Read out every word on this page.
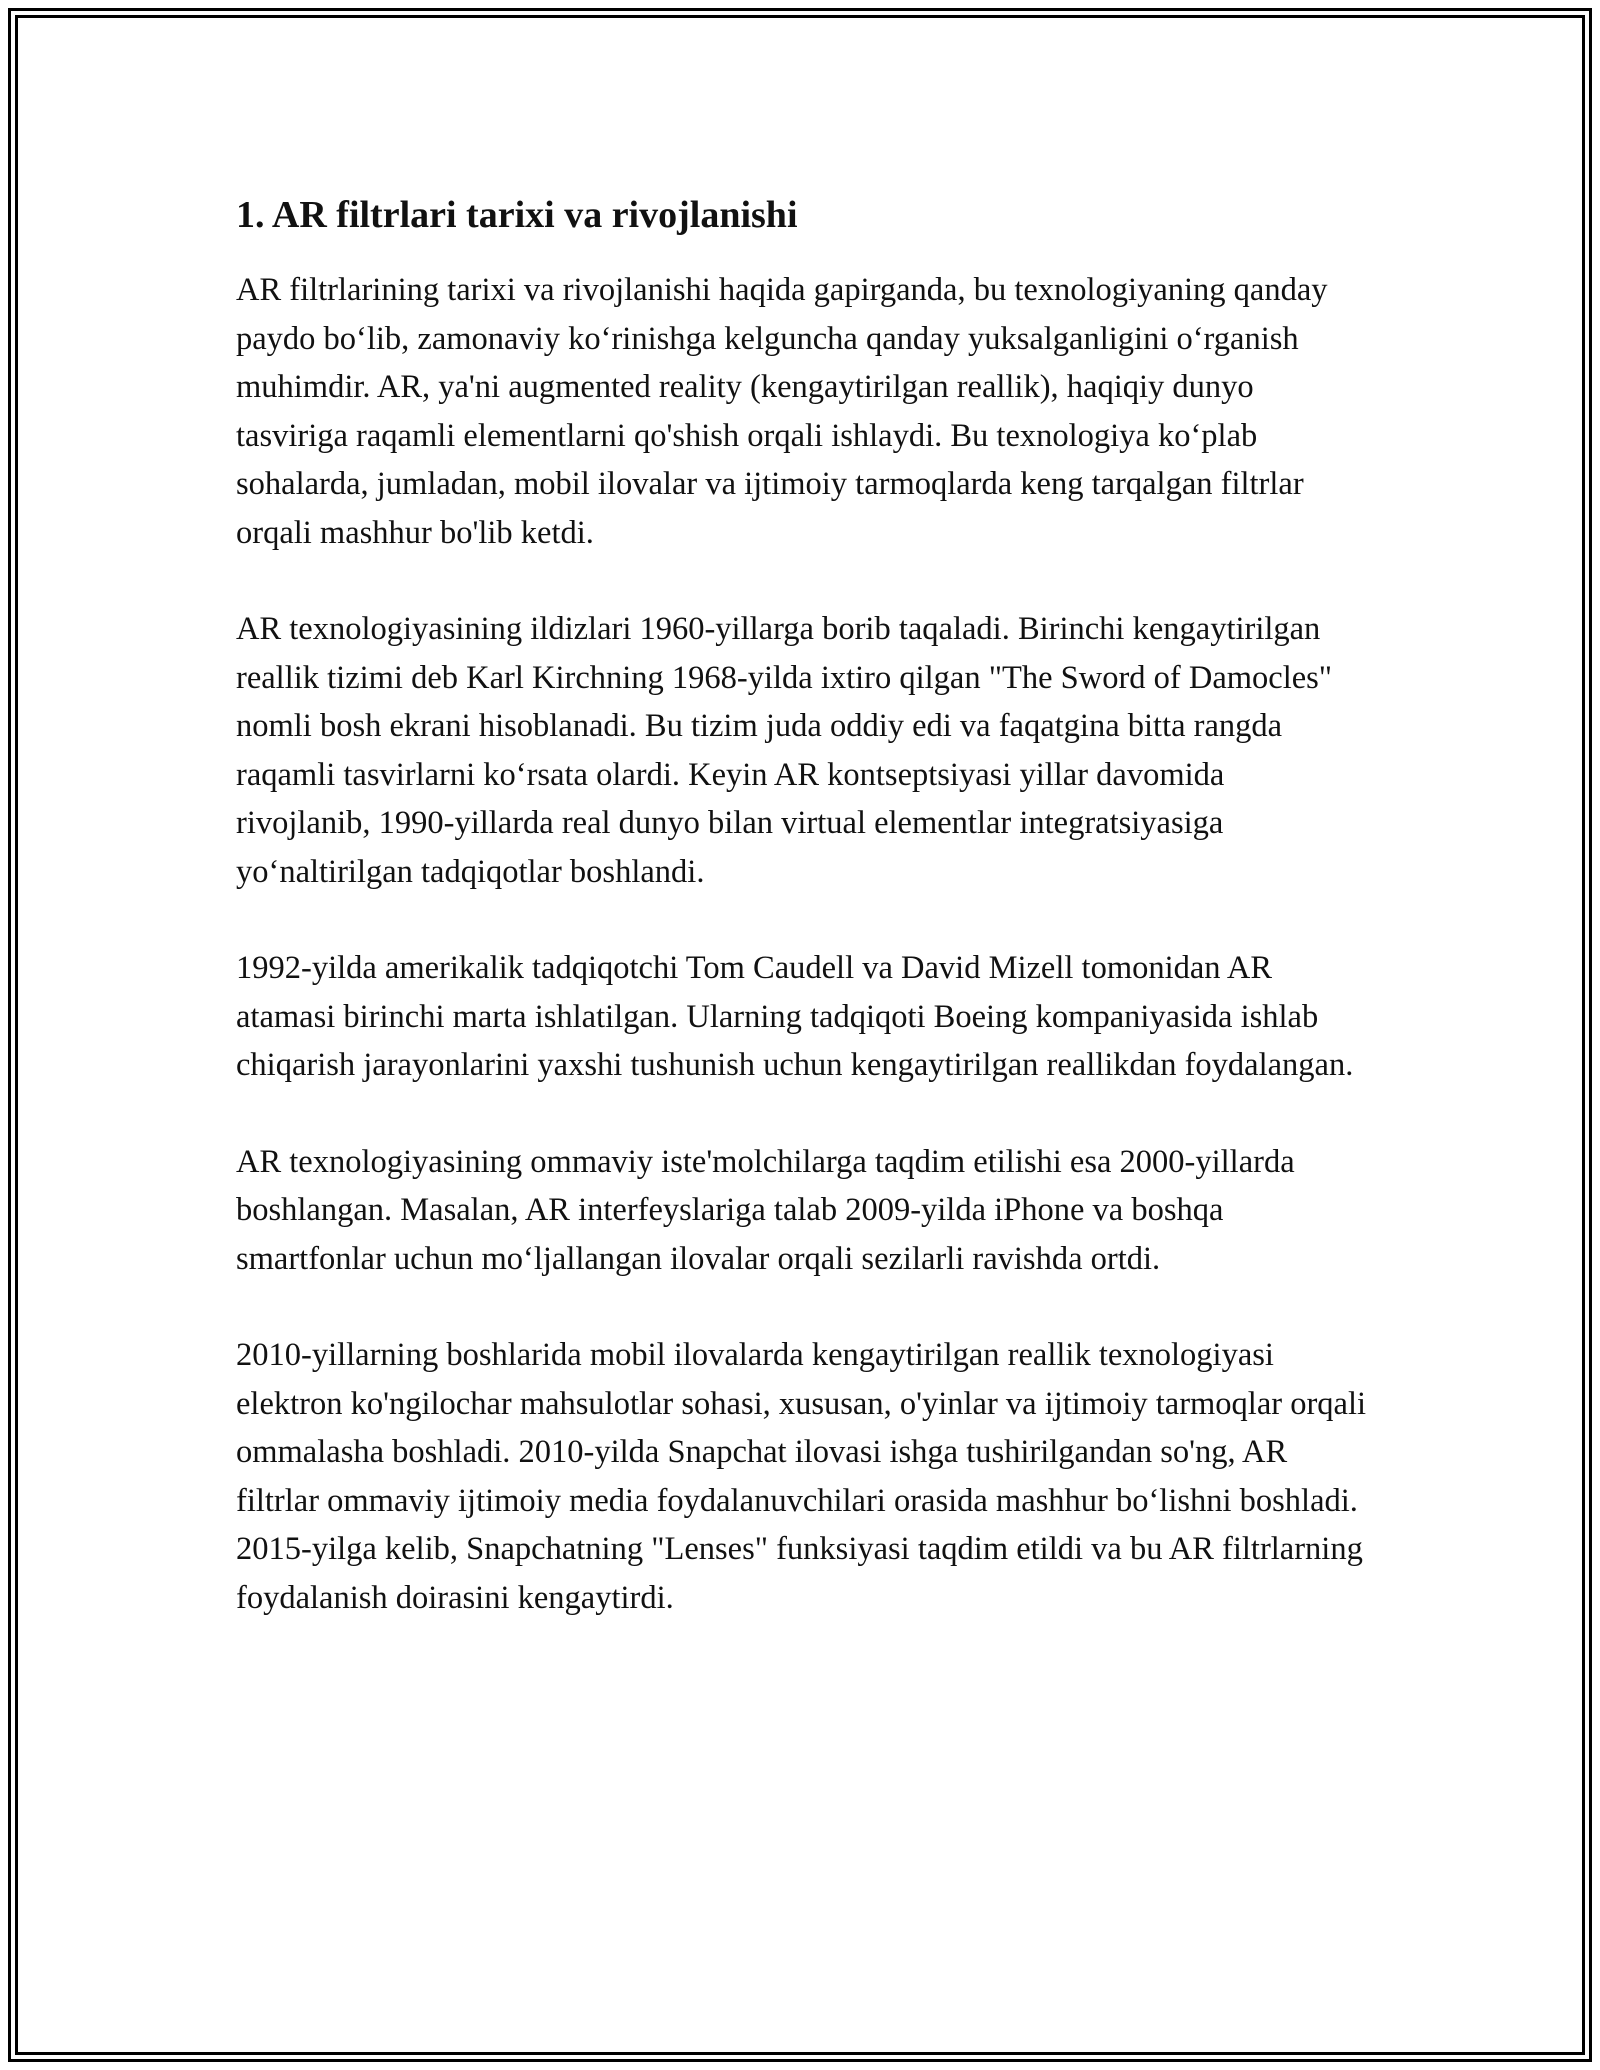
1. AR filtrlari tarixi va rivojlanishi

AR filtrlarining tarixi va rivojlanishi haqida gapirganda, bu texnologiyaning qanday paydo bo‘lib, zamonaviy ko‘rinishga kelguncha qanday yuksalganligini o‘rganish muhimdir. AR, ya'ni augmented reality (kengaytirilgan reallik), haqiqiy dunyo tasviriga raqamli elementlarni qo'shish orqali ishlaydi. Bu texnologiya ko‘plab sohalarda, jumladan, mobil ilovalar va ijtimoiy tarmoqlarda keng tarqalgan filtrlar orqali mashhur bo'lib ketdi.

AR texnologiyasining ildizlari 1960-yillarga borib taqaladi. Birinchi kengaytirilgan reallik tizimi deb Karl Kirchning 1968-yilda ixtiro qilgan "The Sword of Damocles" nomli bosh ekrani hisoblanadi. Bu tizim juda oddiy edi va faqatgina bitta rangda raqamli tasvirlarni ko‘rsata olardi. Keyin AR kontseptsiyasi yillar davomida rivojlanib, 1990-yillarda real dunyo bilan virtual elementlar integratsiyasiga yo‘naltirilgan tadqiqotlar boshlandi.

1992-yilda amerikalik tadqiqotchi Tom Caudell va David Mizell tomonidan AR atamasi birinchi marta ishlatilgan. Ularning tadqiqoti Boeing kompaniyasida ishlab chiqarish jarayonlarini yaxshi tushunish uchun kengaytirilgan reallikdan foydalangan.

AR texnologiyasining ommaviy iste'molchilarga taqdim etilishi esa 2000-yillarda boshlangan. Masalan, AR interfeyslariga talab 2009-yilda iPhone va boshqa smartfonlar uchun mo‘ljallangan ilovalar orqali sezilarli ravishda ortdi.

2010-yillarning boshlarida mobil ilovalarda kengaytirilgan reallik texnologiyasi elektron ko'ngilochar mahsulotlar sohasi, xususan, o'yinlar va ijtimoiy tarmoqlar orqali ommalasha boshladi. 2010-yilda Snapchat ilovasi ishga tushirilgandan so'ng, AR filtrlar ommaviy ijtimoiy media foydalanuvchilari orasida mashhur bo‘lishni boshladi. 2015-yilga kelib, Snapchatning "Lenses" funksiyasi taqdim etildi va bu AR filtrlarning foydalanish doirasini kengaytirdi.
